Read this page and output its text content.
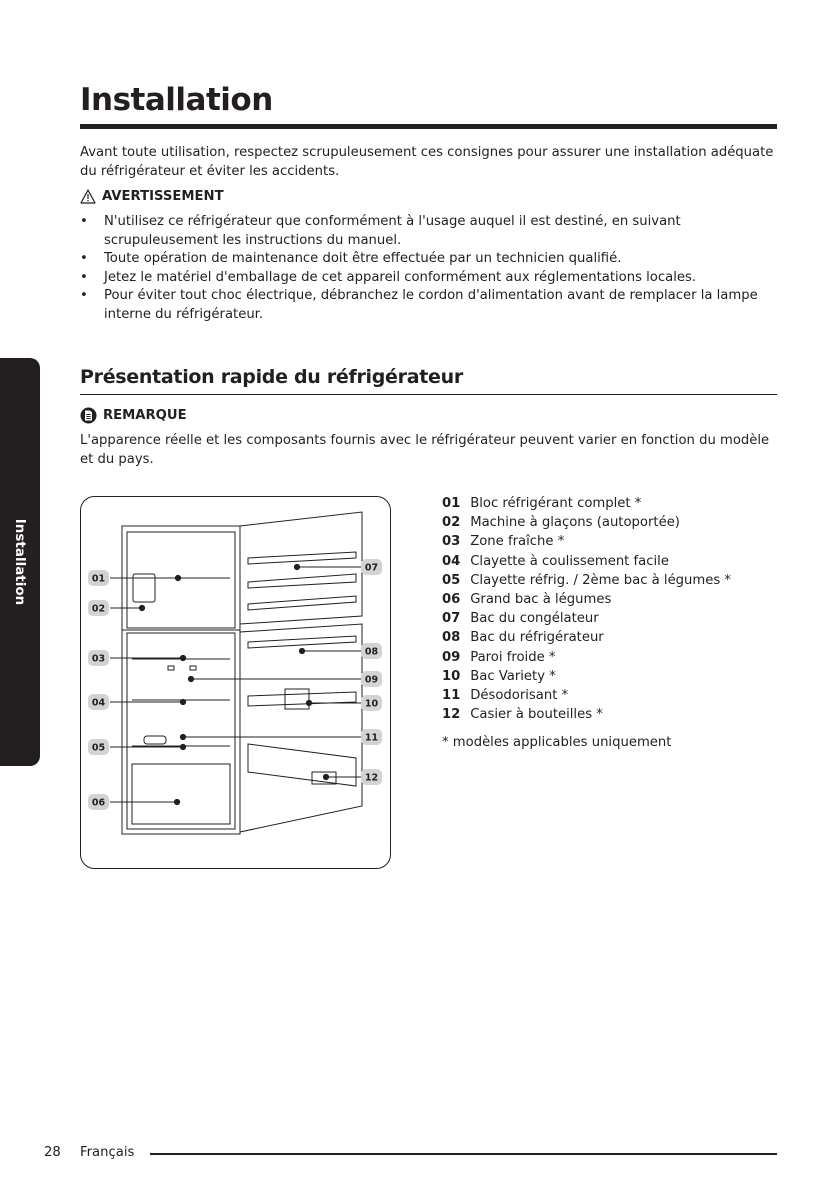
Installation
Avant toute utilisation, respectez scrupuleusement ces consignes pour assurer une installation adéquate du réfrigérateur et éviter les accidents.
AVERTISSEMENT
• N'utilisez ce réfrigérateur que conformément à l'usage auquel il est destiné, en suivant scrupuleusement les instructions du manuel.
• Toute opération de maintenance doit être effectuée par un technicien qualifié.
• Jetez le matériel d'emballage de cet appareil conformément aux réglementations locales.
• Pour éviter tout choc électrique, débranchez le cordon d'alimentation avant de remplacer la lampe interne du réfrigérateur.
Installation
Présentation rapide du réfrigérateur
REMARQUE
L'apparence réelle et les composants fournis avec le réfrigérateur peuvent varier en fonction du modèle et du pays.
01
02
03
04
05
06
07
08
09
10
11
12
01 Bloc réfrigérant complet *
02 Machine à glaçons (autoportée)
03 Zone fraîche *
04 Clayette à coulissement facile
05 Clayette réfrig. / 2ème bac à légumes *
06 Grand bac à légumes
07 Bac du congélateur
08 Bac du réfrigérateur
09 Paroi froide *
10 Bac Variety *
11 Désodorisant *
12 Casier à bouteilles *
* modèles applicables uniquement
28 Français
